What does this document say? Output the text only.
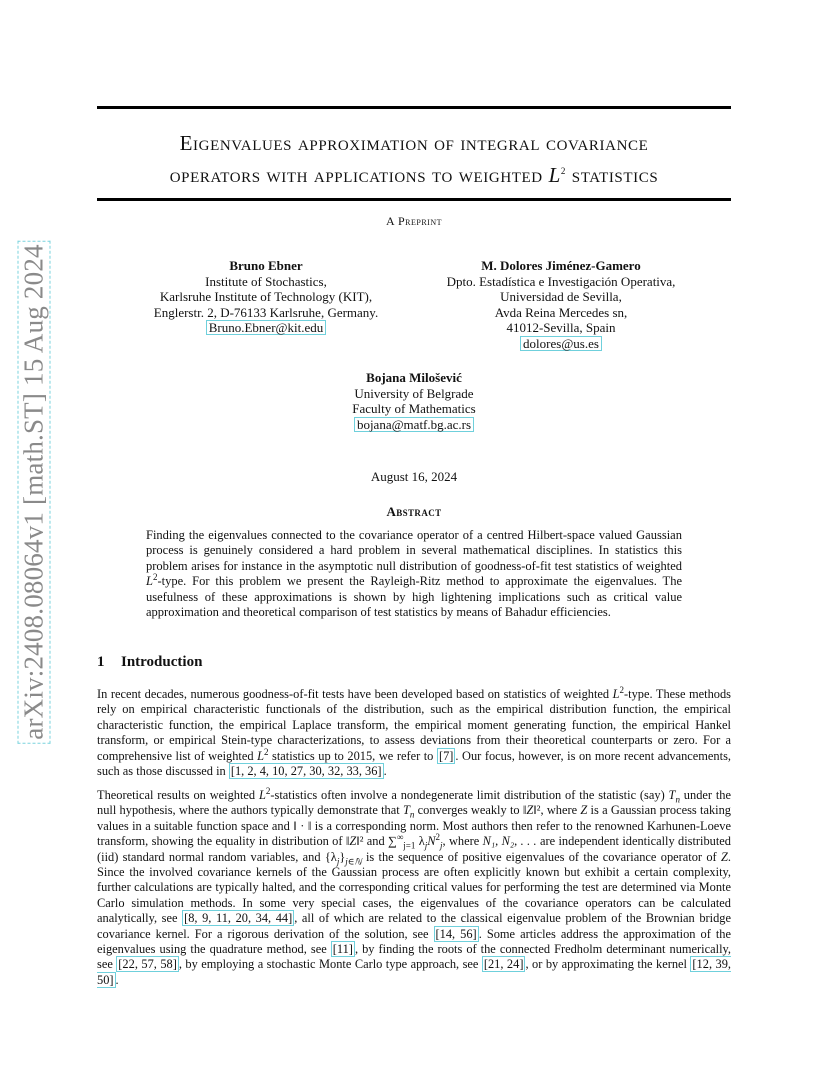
arXiv:2408.08064v1 [math.ST] 15 Aug 2024
Eigenvalues approximation of integral covariance
operators with applications to weighted $L^2$ statistics
A Preprint
Bruno Ebner
Institute of Stochastics,
Karlsruhe Institute of Technology (KIT),
Englerstr. 2, D-76133 Karlsruhe, Germany.
Bruno.Ebner@kit.edu
M. Dolores Jiménez-Gamero
Dpto. Estadística e Investigación Operativa,
Universidad de Sevilla,
Avda Reina Mercedes sn,
41012-Sevilla, Spain
dolores@us.es
Bojana Milošević
University of Belgrade
Faculty of Mathematics
bojana@matf.bg.ac.rs
August 16, 2024
Abstract
Finding the eigenvalues connected to the covariance operator of a centred Hilbert-space valued Gaussian process is genuinely considered a hard problem in several mathematical disciplines. In statistics this problem arises for instance in the asymptotic null distribution of goodness-of-fit test statistics of weighted $L^2$-type. For this problem we present the Rayleigh-Ritz method to approximate the eigenvalues. The usefulness of these approximations is shown by high lightening implications such as critical value approximation and theoretical comparison of test statistics by means of Bahadur efficiencies.
1 Introduction
In recent decades, numerous goodness-of-fit tests have been developed based on statistics of weighted $L^2$-type. These methods rely on empirical characteristic functionals of the distribution, such as the empirical distribution function, the empirical characteristic function, the empirical Laplace transform, the empirical moment generating function, the empirical Hankel transform, or empirical Stein-type characterizations, to assess deviations from their theoretical counterparts or zero. For a comprehensive list of weighted $L^2$ statistics up to 2015, we refer to [7] . Our focus, however, is on more recent advancements, such as those discussed in [1, 2, 4, 10, 27, 30, 32, 33, 36] .
Theoretical results on weighted $L^2$-statistics often involve a nondegenerate limit distribution of the statistic (say) $T_n$ under the null hypothesis, where the authors typically demonstrate that $T_n$ converges weakly to ‖Z‖², where Z is a Gaussian process taking values in a suitable function space and ‖ · ‖ is a corresponding norm. Most authors then refer to the renowned Karhunen-Loeve transform, showing the equality in distribution of ‖Z‖² and $\sum^\infty_{j=1}$ $\lambda_jN^2_j$, where N₁, N₂, . . . are independent identically distributed (iid) standard normal random variables, and $\{\lambda_j\}_{j\in ℕ}$ is the sequence of positive eigenvalues of the covariance operator of Z. Since the involved covariance kernels of the Gaussian process are often explicitly known but exhibit a certain complexity, further calculations are typically halted, and the corresponding critical values for performing the test are determined via Monte Carlo simulation methods. In some very special cases, the eigenvalues of the covariance operators can be calculated analytically, see [8, 9, 11, 20, 34, 44] , all of which are related to the classical eigenvalue problem of the Brownian bridge covariance kernel. For a rigorous derivation of the solution, see [14, 56] . Some articles address the approximation of the eigenvalues using the quadrature method, see [11] , by finding the roots of the connected Fredholm determinant numerically, see [22, 57, 58] , by employing a stochastic Monte Carlo type approach, see [21, 24] , or by approximating the kernel [12, 39, 50] .
